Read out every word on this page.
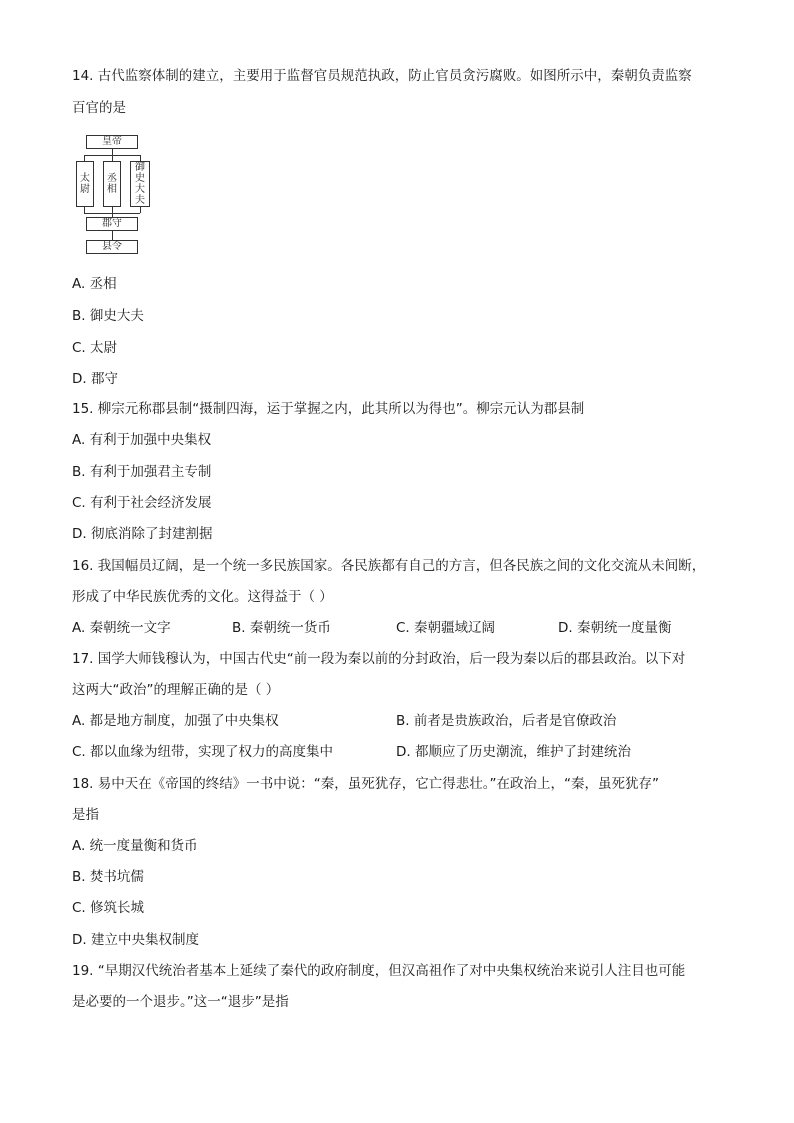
14. 古代监察体制的建立，主要用于监督官员规范执政，防止官员贪污腐败。如图所示中，秦朝负责监察
百官的是
皇帝
太尉
丞相
御史大夫
郡守
县令
A. 丞相
B. 御史大夫
C. 太尉
D. 郡守
15. 柳宗元称郡县制“摄制四海，运于掌握之内，此其所以为得也”。柳宗元认为郡县制
A. 有利于加强中央集权
B. 有利于加强君主专制
C. 有利于社会经济发展
D. 彻底消除了封建割据
16. 我国幅员辽阔，是一个统一多民族国家。各民族都有自己的方言，但各民族之间的文化交流从未间断，
形成了中华民族优秀的文化。这得益于（ ）
A. 秦朝统一文字	B. 秦朝统一货币	C. 秦朝疆域辽阔	D. 秦朝统一度量衡
17. 国学大师钱穆认为，中国古代史“前一段为秦以前的分封政治，后一段为秦以后的郡县政治。以下对
这两大“政治”的理解正确的是（ ）
A. 都是地方制度，加强了中央集权	B. 前者是贵族政治，后者是官僚政治
C. 都以血缘为纽带，实现了权力的高度集中	D. 都顺应了历史潮流，维护了封建统治
18. 易中天在《帝国的终结》一书中说：“秦，虽死犹存，它亡得悲壮。”在政治上，“秦，虽死犹存”
是指
A. 统一度量衡和货币
B. 焚书坑儒
C. 修筑长城
D. 建立中央集权制度
19. “早期汉代统治者基本上延续了秦代的政府制度，但汉高祖作了对中央集权统治来说引人注目也可能
是必要的一个退步。”这一“退步”是指
